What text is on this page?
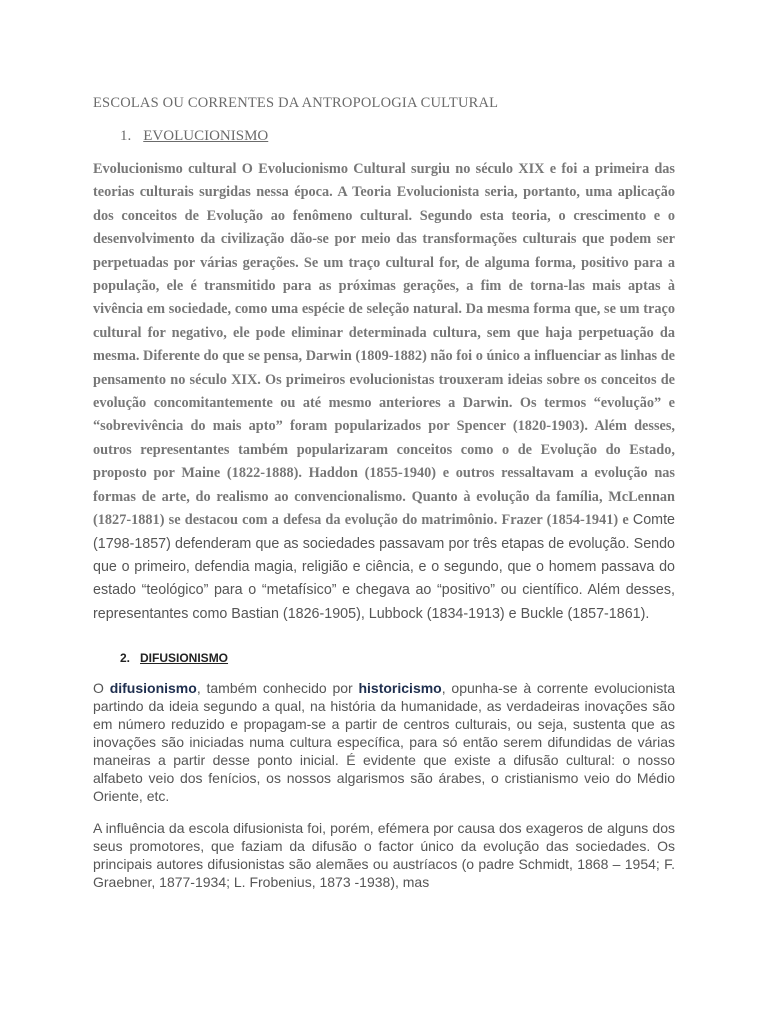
ESCOLAS OU CORRENTES DA ANTROPOLOGIA CULTURAL
1. EVOLUCIONISMO

Evolucionismo cultural O Evolucionismo Cultural surgiu no século XIX e foi a primeira das teorias culturais surgidas nessa época. A Teoria Evolucionista seria, portanto, uma aplicação dos conceitos de Evolução ao fenômeno cultural. Segundo esta teoria, o crescimento e o desenvolvimento da civilização dão-se por meio das transformações culturais que podem ser perpetuadas por várias gerações. Se um traço cultural for, de alguma forma, positivo para a população, ele é transmitido para as próximas gerações, a fim de torna-las mais aptas à vivência em sociedade, como uma espécie de seleção natural. Da mesma forma que, se um traço cultural for negativo, ele pode eliminar determinada cultura, sem que haja perpetuação da mesma. Diferente do que se pensa, Darwin (1809-1882) não foi o único a influenciar as linhas de pensamento no século XIX. Os primeiros evolucionistas trouxeram ideias sobre os conceitos de evolução concomitantemente ou até mesmo anteriores a Darwin. Os termos “evolução” e “sobrevivência do mais apto” foram popularizados por Spencer (1820-1903). Além desses, outros representantes também popularizaram conceitos como o de Evolução do Estado, proposto por Maine (1822-1888). Haddon (1855-1940) e outros ressaltavam a evolução nas formas de arte, do realismo ao convencionalismo. Quanto à evolução da família, McLennan (1827-1881) se destacou com a defesa da evolução do matrimônio. Frazer (1854-1941) e Comte (1798-1857) defenderam que as sociedades passavam por três etapas de evolução. Sendo que o primeiro, defendia magia, religião e ciência, e o segundo, que o homem passava do estado “teológico” para o “metafísico” e chegava ao “positivo” ou científico. Além desses, representantes como Bastian (1826-1905), Lubbock (1834-1913) e Buckle (1857-1861).

2. DIFUSIONISMO

O difusionismo, também conhecido por historicismo, opunha-se à corrente evolucionista partindo da ideia segundo a qual, na história da humanidade, as verdadeiras inovações são em número reduzido e propagam-se a partir de centros culturais, ou seja, sustenta que as inovações são iniciadas numa cultura específica, para só então serem difundidas de várias maneiras a partir desse ponto inicial. É evidente que existe a difusão cultural: o nosso alfabeto veio dos fenícios, os nossos algarismos são árabes, o cristianismo veio do Médio Oriente, etc.

A influência da escola difusionista foi, porém, efémera por causa dos exageros de alguns dos seus promotores, que faziam da difusão o factor único da evolução das sociedades. Os principais autores difusionistas são alemães ou austríacos (o padre Schmidt, 1868 – 1954; F. Graebner, 1877-1934; L. Frobenius, 1873 -1938), mas
